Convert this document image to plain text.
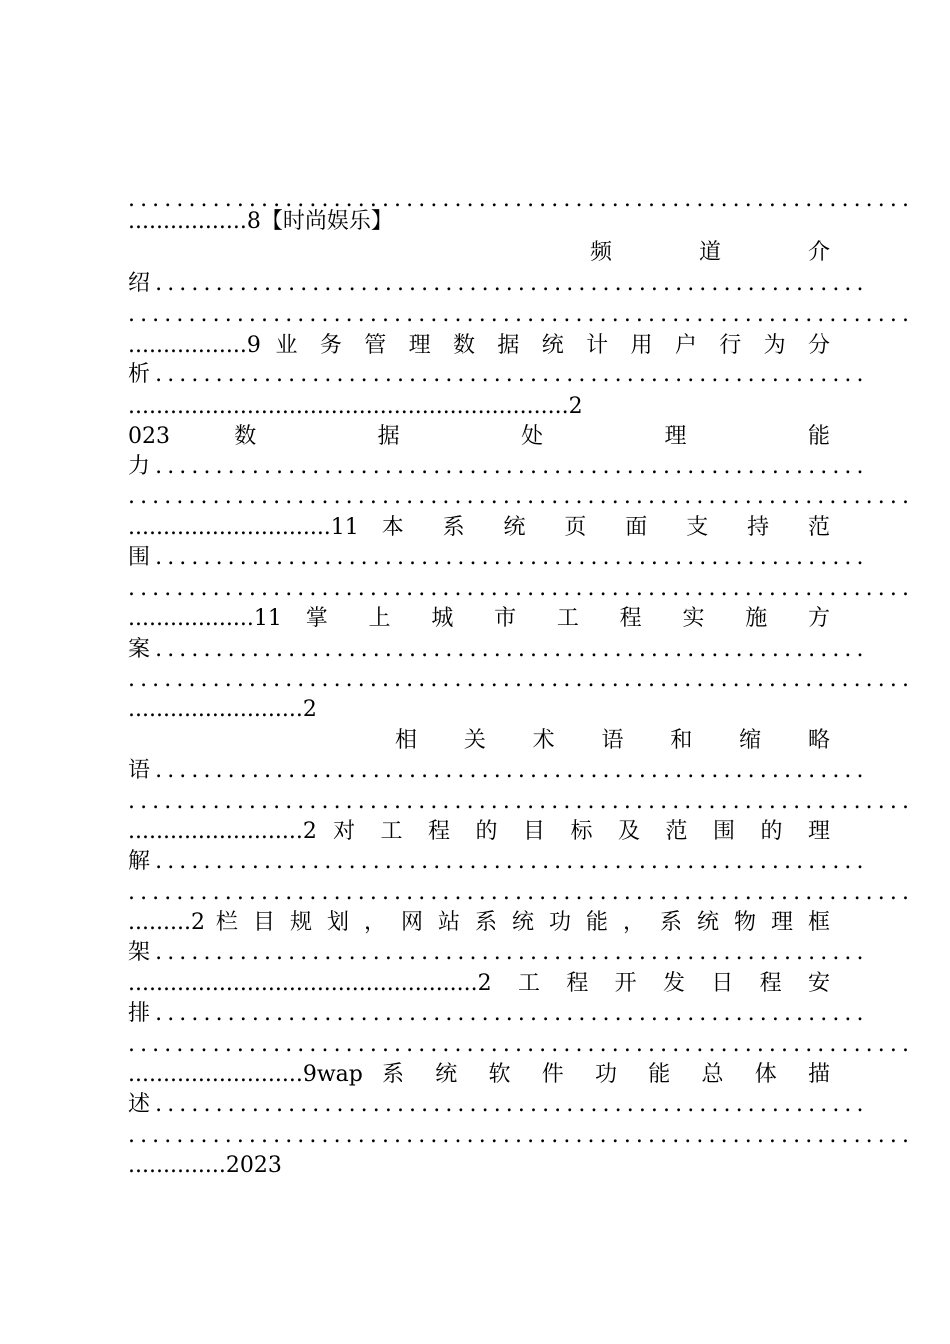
.................................................................
.................8【时尚娱乐】
频 道 介
绍...........................................................
.................................................................
.................9 业 务 管 理 数 据 统 计 用 户 行 为 分
析...........................................................
...............................................................2
023 数 据 处 理 能
力...........................................................
.................................................................
.............................11 本 系 统 页 面 支 持 范
围...........................................................
.................................................................
..................11 掌 上 城 市 工 程 实 施 方
案...........................................................
.................................................................
.........................2
相 关 术 语 和 缩 略
语...........................................................
.................................................................
.........................2 对 工 程 的 目 标 及 范 围 的 理
解...........................................................
.................................................................
.........2 栏 目 规 划 ， 网 站 系 统 功 能 ， 系 统 物 理 框
架...........................................................
..................................................2工程开发日程安
排...........................................................
.................................................................
.........................9wap 系 统 软 件 功 能 总 体 描
述...........................................................
.................................................................
..............2023
